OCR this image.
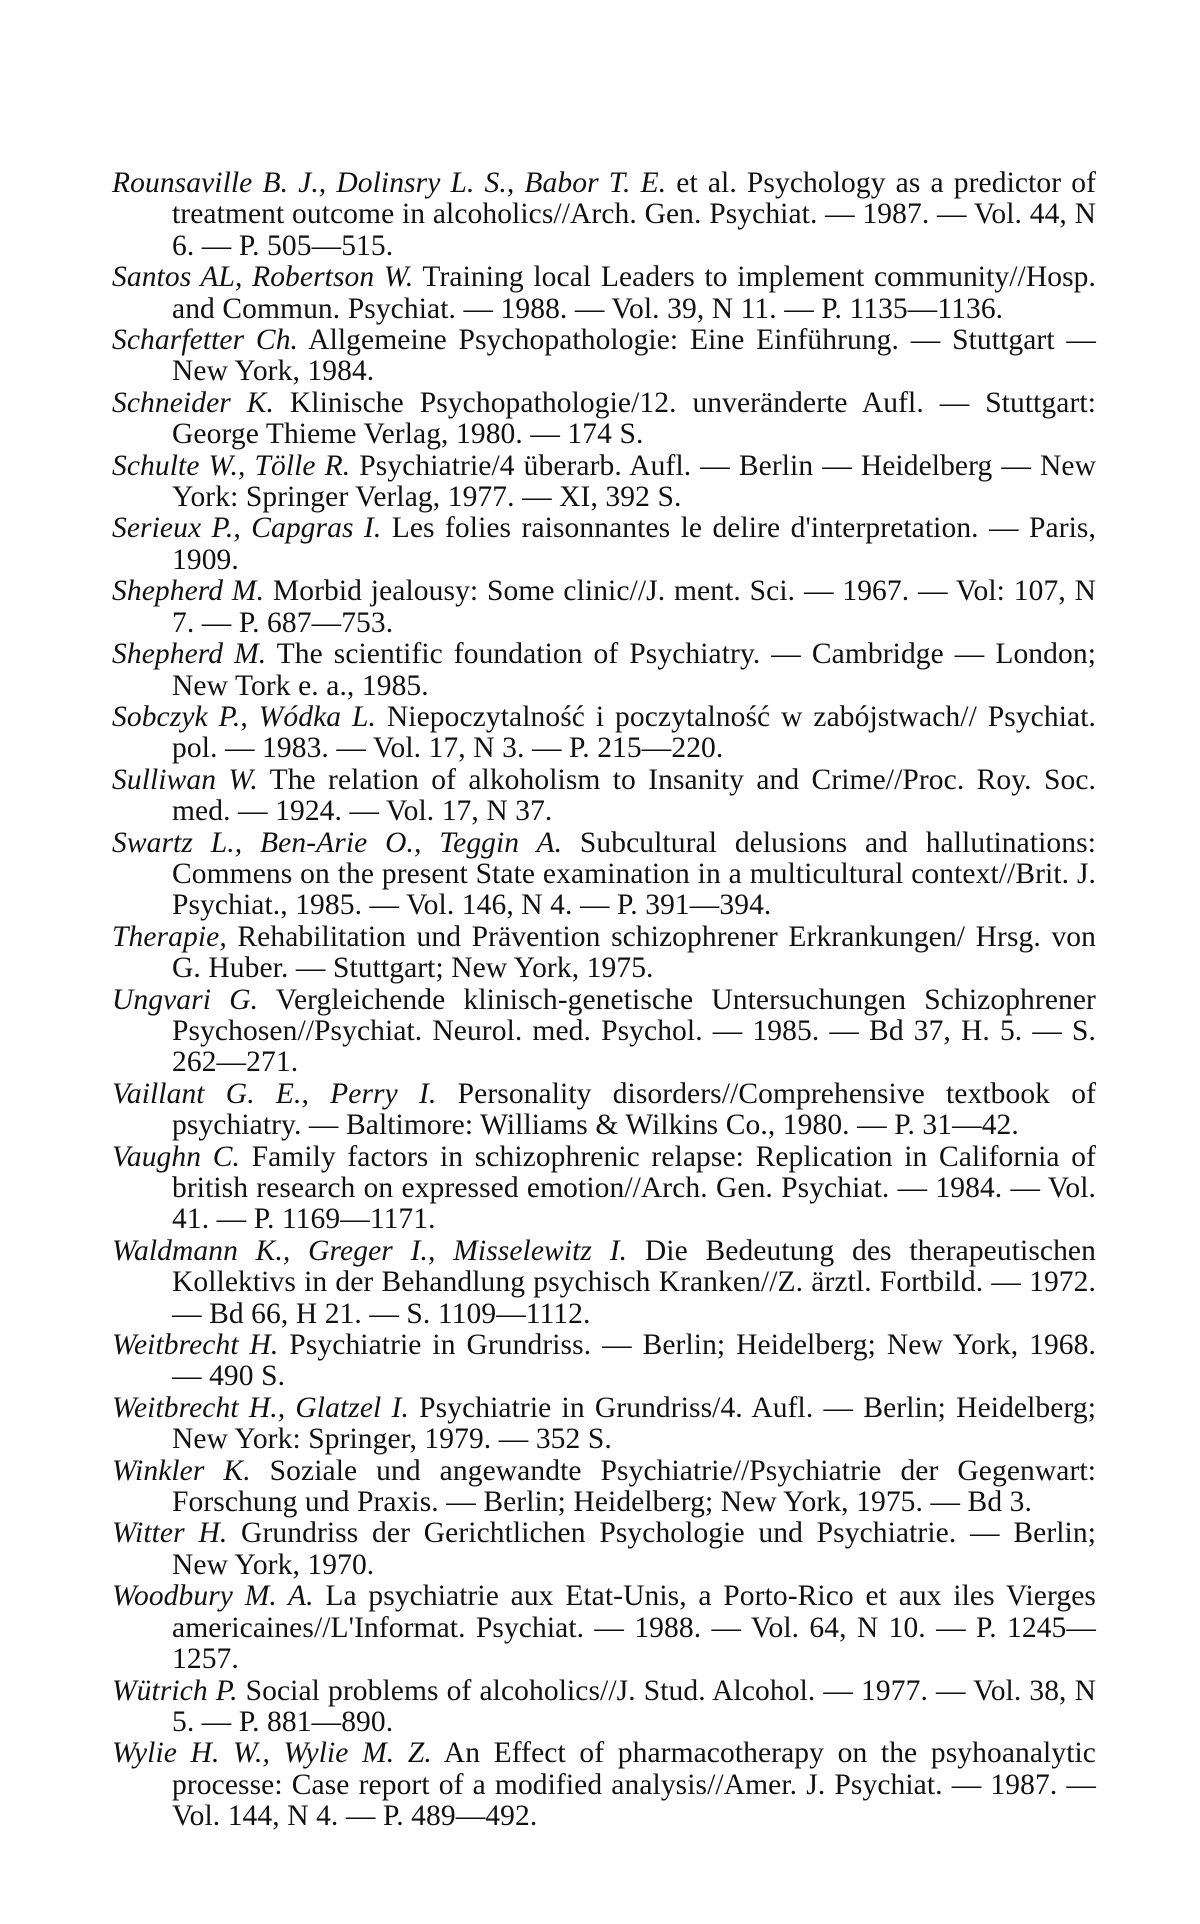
Rounsaville B. J., Dolinsry L. S., Babor T. E. et al. Psychology as a predictor of treatment outcome in alcoholics//Arch. Gen. Psychiat. — 1987. — Vol. 44, N 6. — P. 505—515.

Santos AL, Robertson W. Training local Leaders to implement community//Hosp. and Commun. Psychiat. — 1988. — Vol. 39, N 11. — P. 1135—1136.

Scharfetter Ch. Allgemeine Psychopathologie: Eine Einführung. — Stuttgart — New York, 1984.

Schneider K. Klinische Psychopathologie/12. unveränderte Aufl. — Stuttgart: George Thieme Verlag, 1980. — 174 S.

Schulte W., Tölle R. Psychiatrie/4 überarb. Aufl. — Berlin — Heidelberg — New York: Springer Verlag, 1977. — XI, 392 S.

Serieux P., Capgras I. Les folies raisonnantes le delire d'interpretation. — Paris, 1909.

Shepherd M. Morbid jealousy: Some clinic//J. ment. Sci. — 1967. — Vol: 107, N 7. — P. 687—753.

Shepherd M. The scientific foundation of Psychiatry. — Cambridge — London; New Tork e. a., 1985.

Sobczyk P., Wódka L. Niepoczytalność i poczytalność w zabójstwach// Psychiat. pol. — 1983. — Vol. 17, N 3. — P. 215—220.

Sulliwan W. The relation of alkoholism to Insanity and Crime//Proc. Roy. Soc. med. — 1924. — Vol. 17, N 37.

Swartz L., Ben-Arie O., Teggin A. Subcultural delusions and hallutinations: Commens on the present State examination in a multicultural context//Brit. J. Psychiat., 1985. — Vol. 146, N 4. — P. 391—394.

Therapie, Rehabilitation und Prävention schizophrener Erkrankungen/ Hrsg. von G. Huber. — Stuttgart; New York, 1975.

Ungvari G. Vergleichende klinisch-genetische Untersuchungen Schizophrener Psychosen//Psychiat. Neurol. med. Psychol. — 1985. — Bd 37, H. 5. — S. 262—271.

Vaillant G. E., Perry I. Personality disorders//Comprehensive textbook of psychiatry. — Baltimore: Williams & Wilkins Co., 1980. — P. 31—42.

Vaughn C. Family factors in schizophrenic relapse: Replication in California of british research on expressed emotion//Arch. Gen. Psychiat. — 1984. — Vol. 41. — P. 1169—1171.

Waldmann K., Greger I., Misselewitz I. Die Bedeutung des therapeutischen Kollektivs in der Behandlung psychisch Kranken//Z. ärztl. Fortbild. — 1972. — Bd 66, H 21. — S. 1109—1112.

Weitbrecht H. Psychiatrie in Grundriss. — Berlin; Heidelberg; New York, 1968. — 490 S.

Weitbrecht H., Glatzel I. Psychiatrie in Grundriss/4. Aufl. — Berlin; Heidelberg; New York: Springer, 1979. — 352 S.

Winkler K. Soziale und angewandte Psychiatrie//Psychiatrie der Gegenwart: Forschung und Praxis. — Berlin; Heidelberg; New York, 1975. — Bd 3.

Witter H. Grundriss der Gerichtlichen Psychologie und Psychiatrie. — Berlin; New York, 1970.

Woodbury M. A. La psychiatrie aux Etat-Unis, a Porto-Rico et aux iles Vierges americaines//L'Informat. Psychiat. — 1988. — Vol. 64, N 10. — P. 1245—1257.

Wütrich P. Social problems of alcoholics//J. Stud. Alcohol. — 1977. — Vol. 38, N 5. — P. 881—890.

Wylie H. W., Wylie M. Z. An Effect of pharmacotherapy on the psyhoanalytic processe: Case report of a modified analysis//Amer. J. Psychiat. — 1987. — Vol. 144, N 4. — P. 489—492.
